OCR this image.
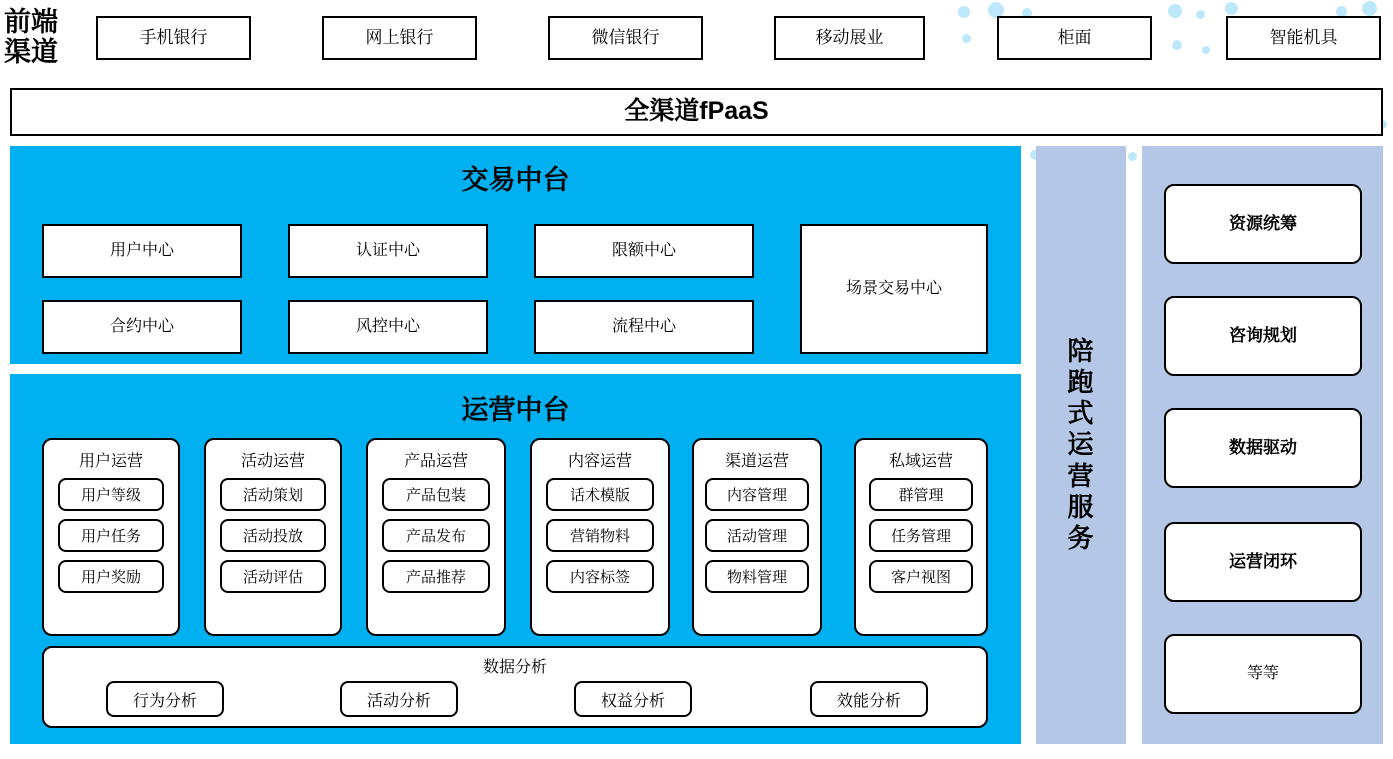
前端
渠道	手机银行	网上银行	微信银行	移动展业	柜面	智能机具
全渠道fPaaS
交易中台
用户中心	认证中心	限额中心
合约中心	风控中心	流程中心
场景交易中心
运营中台
用户运营
用户等级
用户任务
用户奖励
活动运营
活动策划
活动投放
活动评估
产品运营
产品包装
产品发布
产品推荐
内容运营
话术模版
营销物料
内容标签
渠道运营
内容管理
活动管理
物料管理
私域运营
群管理
任务管理
客户视图
数据分析
行为分析	活动分析	权益分析	效能分析
陪跑式运营服务
资源统筹
咨询规划
数据驱动
运营闭环
等等
